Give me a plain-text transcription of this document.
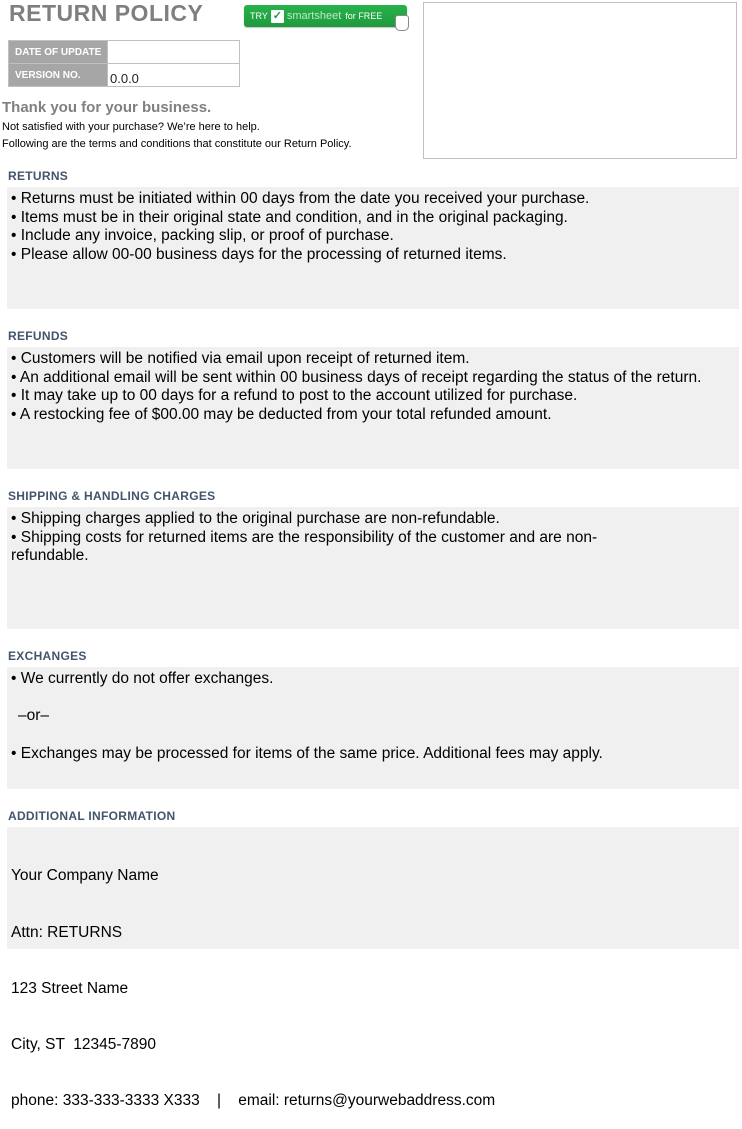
RETURN POLICY	TRY ✓ smartsheet for FREE
DATE OF UPDATE	
VERSION NO.	0.0.0
Thank you for your business.
Not satisfied with your purchase? We’re here to help.
Following are the terms and conditions that constitute our Return Policy.
RETURNS

• Returns must be initiated within 00 days from the date you received your purchase.

• Items must be in their original state and condition, and in the original packaging.

• Include any invoice, packing slip, or proof of purchase.

• Please allow 00-00 business days for the processing of returned items.

REFUNDS

• Customers will be notified via email upon receipt of returned item.

• An additional email will be sent within 00 business days of receipt regarding the status of the return.

• It may take up to 00 days for a refund to post to the account utilized for purchase.

• A restocking fee of $00.00 may be deducted from your total refunded amount.

SHIPPING & HANDLING CHARGES

• Shipping charges applied to the original purchase are non-refundable.

• Shipping costs for returned items are the responsibility of the customer and are non-refundable.

EXCHANGES

• We currently do not offer exchanges.

–or–

• Exchanges may be processed for items of the same price. Additional fees may apply.

ADDITIONAL INFORMATION

Your Company Name

Attn: RETURNS

123 Street Name

City, ST  12345-7890

phone: 333-333-3333 X333    |    email: returns@yourwebaddress.com
